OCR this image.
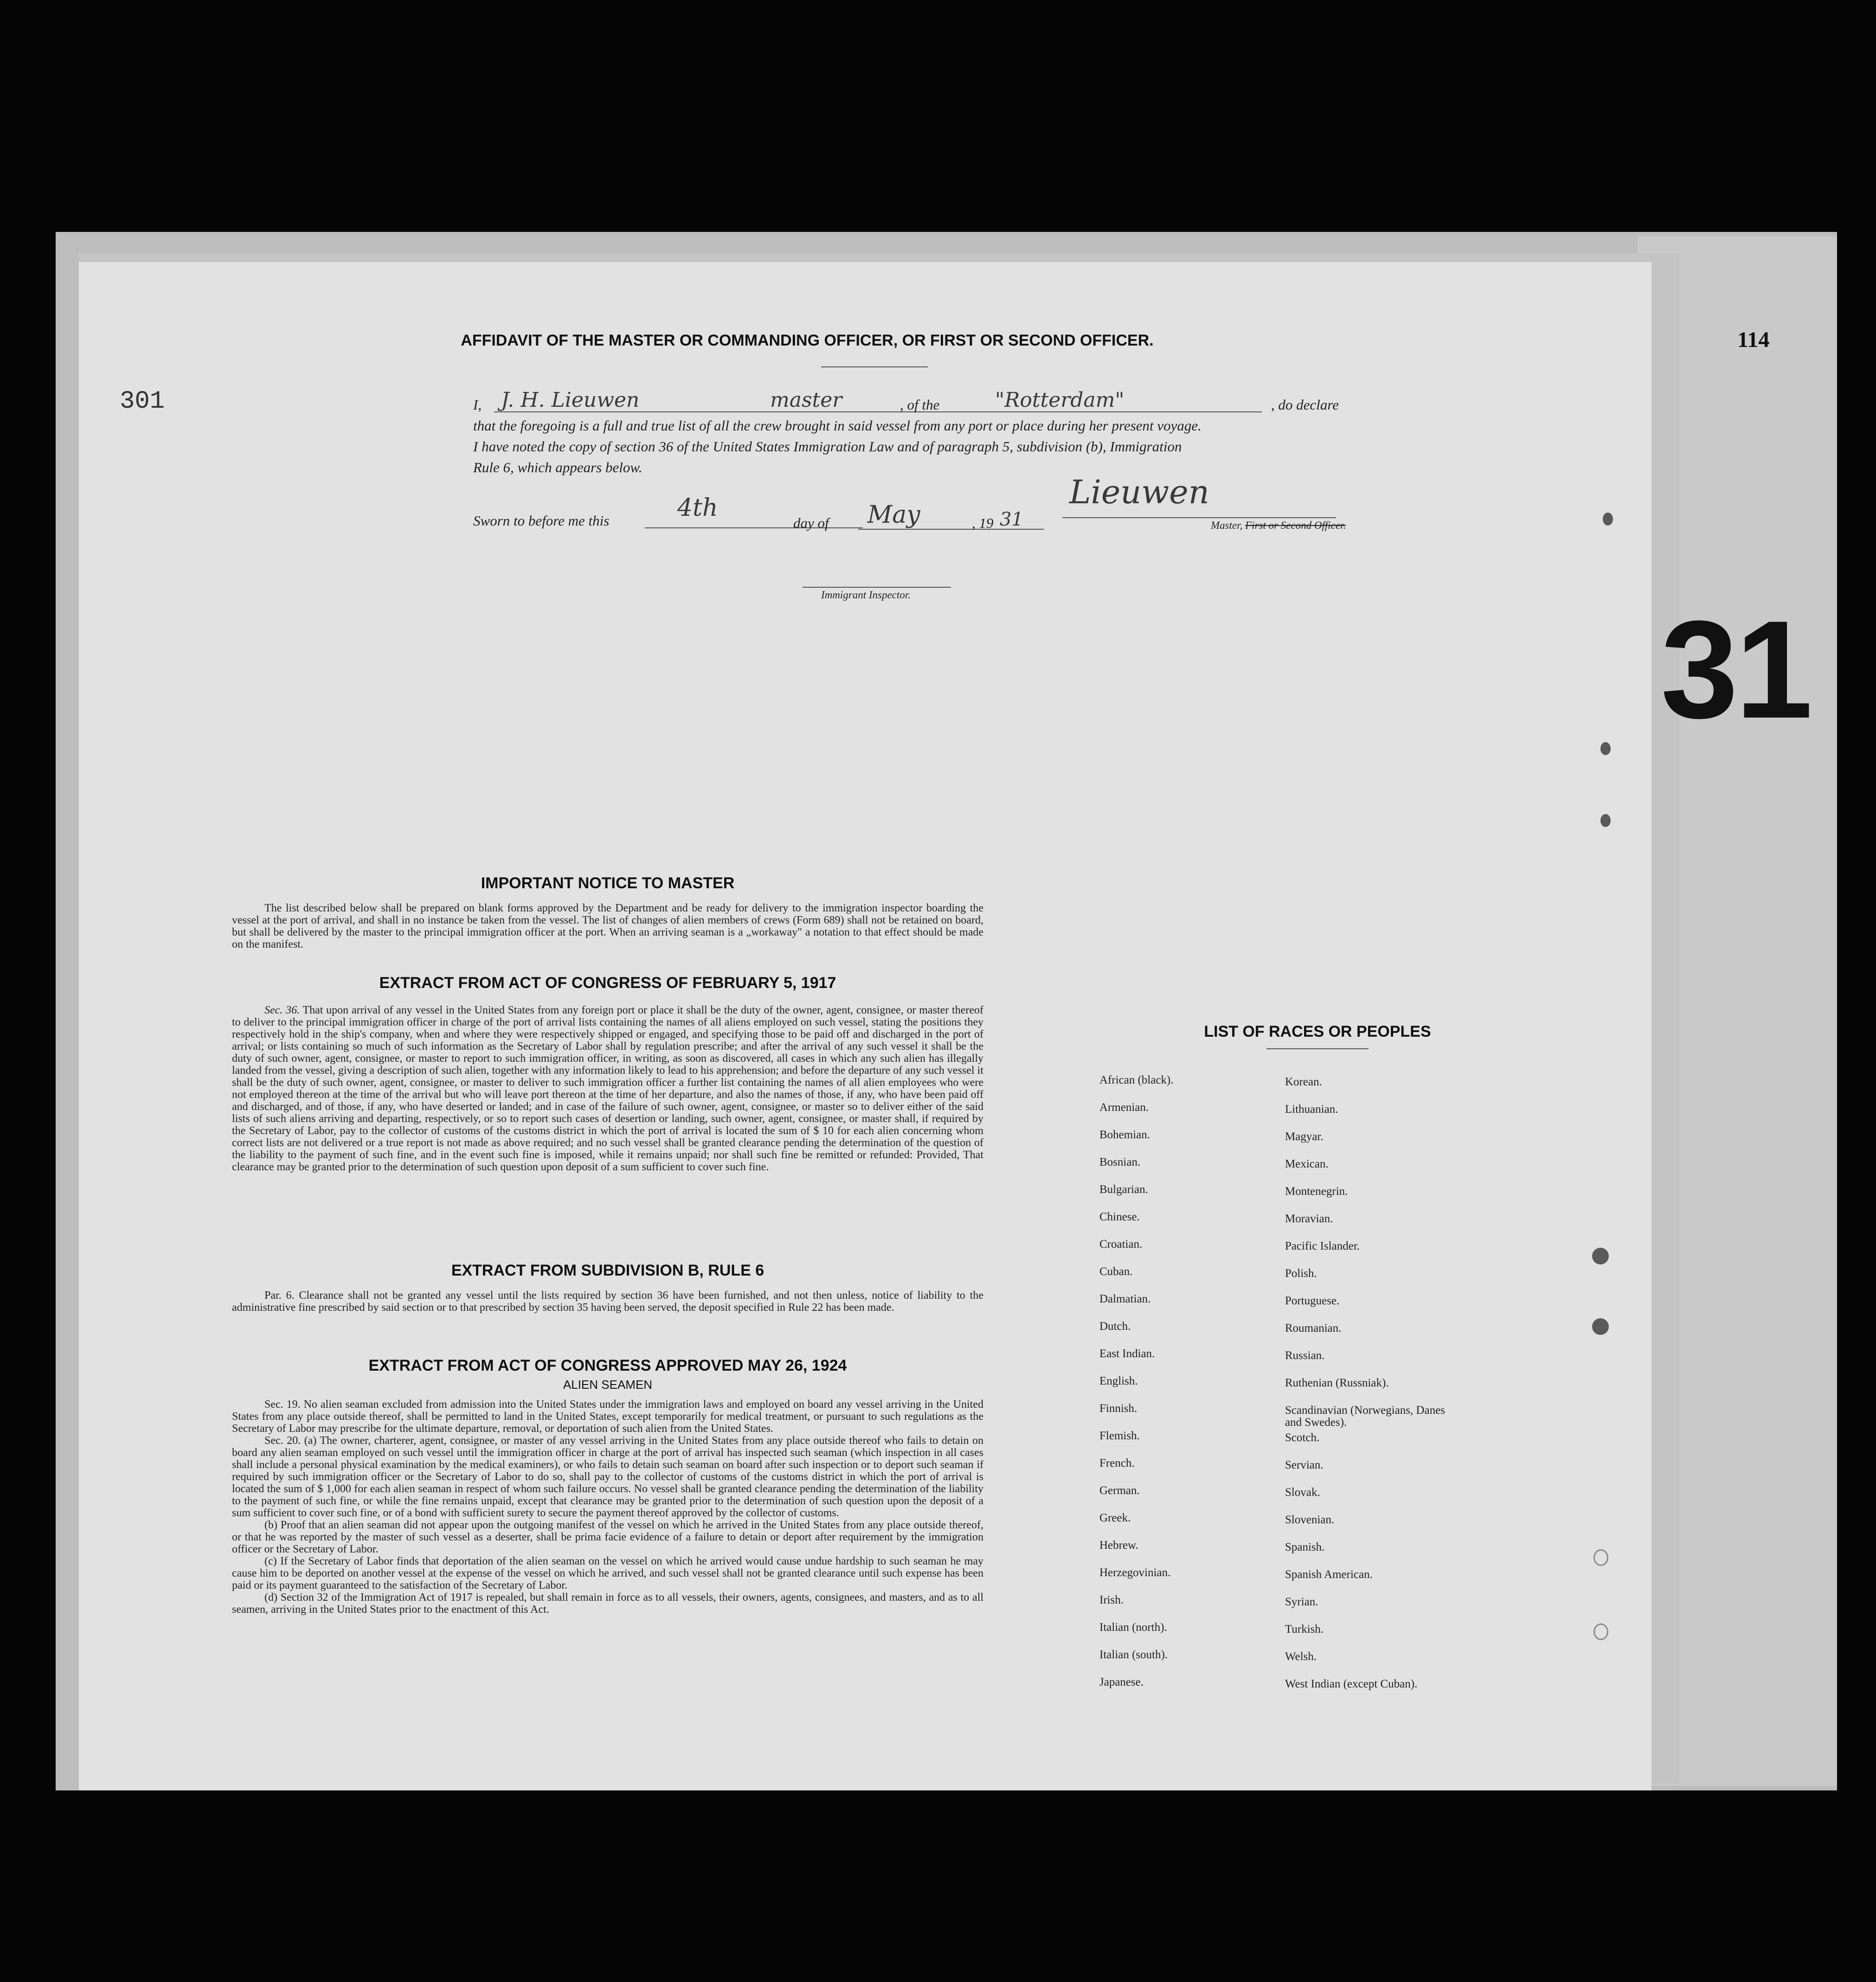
114
31
301
AFFIDAVIT OF THE MASTER OR COMMANDING OFFICER, OR FIRST OR SECOND OFFICER.
I, J. H. Lieuwen	master	, of the	"Rotterdam"	, do declare
that the foregoing is a full and true list of all the crew brought in said vessel from any port or place during her present voyage.
I have noted the copy of section 36 of the United States Immigration Law and of paragraph 5, subdivision (b), Immigration
Rule 6, which appears below.
Sworn to before me this	4th
day of May	, 19 31
Lieuwen
Master, First or Second Officer.
Immigrant Inspector.
IMPORTANT NOTICE TO MASTER
The list described below shall be prepared on blank forms approved by the Department and be ready for delivery to the immigration inspector boarding the vessel at the port of arrival, and shall in no instance be taken from the vessel. The list of changes of alien members of crews (Form 689) shall not be retained on board, but shall be delivered by the master to the principal immigration officer at the port. When an arriving seaman is a „workaway" a notation to that effect should be made on the manifest.
EXTRACT FROM ACT OF CONGRESS OF FEBRUARY 5, 1917
Sec. 36. That upon arrival of any vessel in the United States from any foreign port or place it shall be the duty of the owner, agent, consignee, or master thereof to deliver to the principal immigration officer in charge of the port of arrival lists containing the names of all aliens employed on such vessel, stating the positions they respectively hold in the ship's company, when and where they were respectively shipped or engaged, and specifying those to be paid off and discharged in the port of arrival; or lists containing so much of such information as the Secretary of Labor shall by regulation prescribe; and after the arrival of any such vessel it shall be the duty of such owner, agent, consignee, or master to report to such immigration officer, in writing, as soon as discovered, all cases in which any such alien has illegally landed from the vessel, giving a description of such alien, together with any information likely to lead to his apprehension; and before the departure of any such vessel it shall be the duty of such owner, agent, consignee, or master to deliver to such immigration officer a further list containing the names of all alien employees who were not employed thereon at the time of the arrival but who will leave port thereon at the time of her departure, and also the names of those, if any, who have been paid off and discharged, and of those, if any, who have deserted or landed; and in case of the failure of such owner, agent, consignee, or master so to deliver either of the said lists of such aliens arriving and departing, respectively, or so to report such cases of desertion or landing, such owner, agent, consignee, or master shall, if required by the Secretary of Labor, pay to the collector of customs of the customs district in which the port of arrival is located the sum of $ 10 for each alien concerning whom correct lists are not delivered or a true report is not made as above required; and no such vessel shall be granted clearance pending the determination of the question of the liability to the payment of such fine, and in the event such fine is imposed, while it remains unpaid; nor shall such fine be remitted or refunded: Provided, That clearance may be granted prior to the determination of such question upon deposit of a sum sufficient to cover such fine.
EXTRACT FROM SUBDIVISION B, RULE 6
Par. 6. Clearance shall not be granted any vessel until the lists required by section 36 have been furnished, and not then unless, notice of liability to the administrative fine prescribed by said section or to that prescribed by section 35 having been served, the deposit specified in Rule 22 has been made.
EXTRACT FROM ACT OF CONGRESS APPROVED MAY 26, 1924
ALIEN SEAMEN
Sec. 19. No alien seaman excluded from admission into the United States under the immigration laws and employed on board any vessel arriving in the United States from any place outside thereof, shall be permitted to land in the United States, except temporarily for medical treatment, or pursuant to such regulations as the Secretary of Labor may prescribe for the ultimate departure, removal, or deportation of such alien from the United States.
Sec. 20. (a) The owner, charterer, agent, consignee, or master of any vessel arriving in the United States from any place outside thereof who fails to detain on board any alien seaman employed on such vessel until the immigration officer in charge at the port of arrival has inspected such seaman (which inspection in all cases shall include a personal physical examination by the medical examiners), or who fails to detain such seaman on board after such inspection or to deport such seaman if required by such immigration officer or the Secretary of Labor to do so, shall pay to the collector of customs of the customs district in which the port of arrival is located the sum of $ 1,000 for each alien seaman in respect of whom such failure occurs. No vessel shall be granted clearance pending the determination of the liability to the payment of such fine, or while the fine remains unpaid, except that clearance may be granted prior to the determination of such question upon the deposit of a sum sufficient to cover such fine, or of a bond with sufficient surety to secure the payment thereof approved by the collector of customs.
(b) Proof that an alien seaman did not appear upon the outgoing manifest of the vessel on which he arrived in the United States from any place outside thereof, or that he was reported by the master of such vessel as a deserter, shall be prima facie evidence of a failure to detain or deport after requirement by the immigration officer or the Secretary of Labor.
(c) If the Secretary of Labor finds that deportation of the alien seaman on the vessel on which he arrived would cause undue hardship to such seaman he may cause him to be deported on another vessel at the expense of the vessel on which he arrived, and such vessel shall not be granted clearance until such expense has been paid or its payment guaranteed to the satisfaction of the Secretary of Labor.
(d) Section 32 of the Immigration Act of 1917 is repealed, but shall remain in force as to all vessels, their owners, agents, consignees, and masters, and as to all seamen, arriving in the United States prior to the enactment of this Act.
LIST OF RACES OR PEOPLES
African (black).
Armenian.
Bohemian.
Bosnian.
Bulgarian.
Chinese.
Croatian.
Cuban.
Dalmatian.
Dutch.
East Indian.
English.
Finnish.
Flemish.
French.
German.
Greek.
Hebrew.
Herzegovinian.
Irish.
Italian (north).
Italian (south).
Japanese.
Korean.
Lithuanian.
Magyar.
Mexican.
Montenegrin.
Moravian.
Pacific Islander.
Polish.
Portuguese.
Roumanian.
Russian.
Ruthenian (Russniak).
Scandinavian (Norwegians, Danes and Swedes).
Scotch.
Servian.
Slovak.
Slovenian.
Spanish.
Spanish American.
Syrian.
Turkish.
Welsh.
West Indian (except Cuban).
